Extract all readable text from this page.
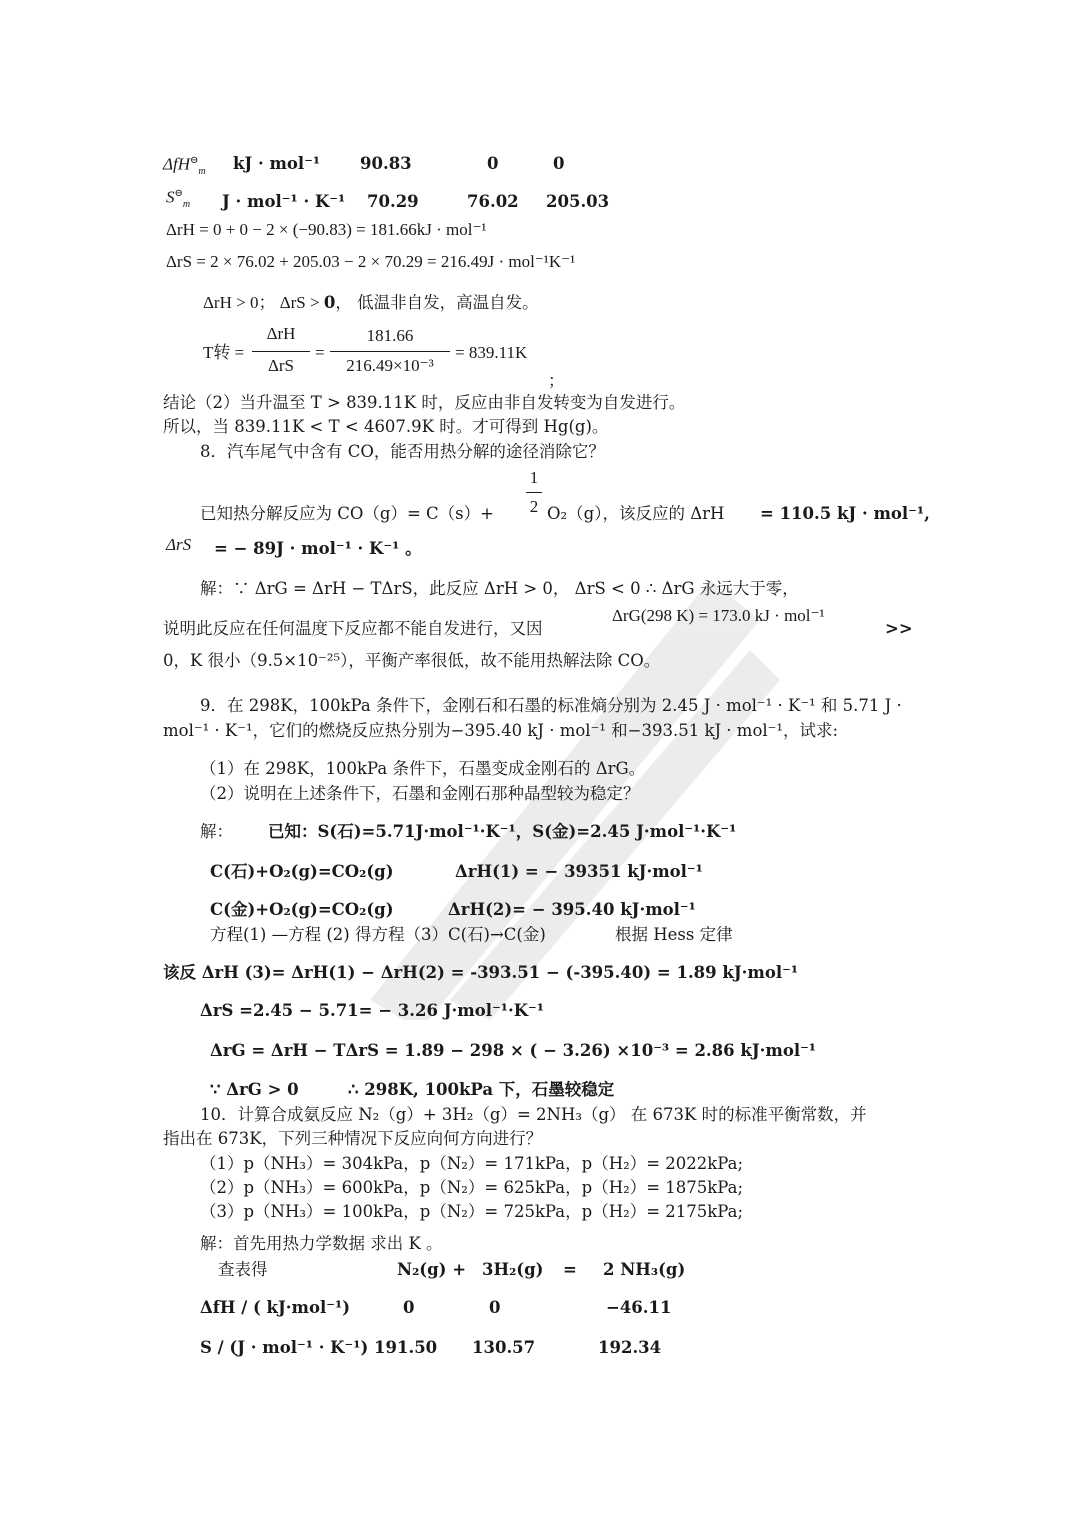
ΔfH⊖$_m$ kJ · mol⁻¹ 90.83	0	0
$S^⊖_m$ J · mol⁻¹ · K⁻¹ 70.29	76.02 205.03
ΔrH = 0 + 0 − 2 × (−90.83) = 181.66kJ · mol⁻¹
ΔrS = 2 × 76.02 + 205.03 − 2 × 70.29 = 216.49J · mol⁻¹K⁻¹
ΔrH > 0； ΔrS > 0， 低温非自发，高温自发。
T转 =
ΔrH
ΔrS
=
181.66
216.49×10⁻³
= 839.11K
；
结论（2）当升温至 T > 839.11K 时，反应由非自发转变为自发进行。
所以，当 839.11K < T < 4607.9K 时。才可得到 Hg(g)。
8．汽车尾气中含有 CO，能否用热分解的途径消除它？
1
2
已知热分解反应为 CO（g）= C（s）+	O₂（g），该反应的 ΔrH = 110.5 kJ · mol⁻¹,
ΔrS = − 89J · mol⁻¹ · K⁻¹ 。
解：∵ ΔrG = ΔrH − TΔrS，此反应 ΔrH > 0， ΔrS < 0 ∴ ΔrG 永远大于零，
说明此反应在任何温度下反应都不能自发进行，又因
ΔrG(298 K) = 173.0 kJ · mol⁻¹
>>
0，K 很小（9.5×10⁻²⁵），平衡产率很低，故不能用热解法除 CO。
9．在 298K，100kPa 条件下，金刚石和石墨的标准熵分别为 2.45 J · mol⁻¹ · K⁻¹ 和 5.71 J ·
mol⁻¹ · K⁻¹，它们的燃烧反应热分别为−395.40 kJ · mol⁻¹ 和−393.51 kJ · mol⁻¹，试求:
（1）在 298K，100kPa 条件下，石墨变成金刚石的 ΔrG。
（2）说明在上述条件下，石墨和金刚石那种晶型较为稳定？
解： 已知：S(石)=5.71J·mol⁻¹·K⁻¹，S(金)=2.45 J·mol⁻¹·K⁻¹
C(石)+O₂(g)=CO₂(g)	ΔrH(1) = − 39351 kJ·mol⁻¹
C(金)+O₂(g)=CO₂(g)	ΔrH(2)= − 395.40 kJ·mol⁻¹
方程(1) —方程 (2) 得方程（3）C(石)→C(金)	根据 Hess 定律
该反 ΔrH (3)= ΔrH(1) − ΔrH(2) = -393.51 − (-395.40) = 1.89 kJ·mol⁻¹
ΔrS =2.45 − 5.71= − 3.26 J·mol⁻¹·K⁻¹
ΔrG = ΔrH − TΔrS = 1.89 − 298 × ( − 3.26) ×10⁻³ = 2.86 kJ·mol⁻¹
∵ ΔrG > 0	∴ 298K, 100kPa 下，石墨较稳定
10．计算合成氨反应 N₂（g）+ 3H₂（g）= 2NH₃（g） 在 673K 时的标准平衡常数，并
指出在 673K，下列三种情况下反应向何方向进行？
（1）p（NH₃）= 304kPa，p（N₂）= 171kPa，p（H₂）= 2022kPa;
（2）p（NH₃）= 600kPa，p（N₂）= 625kPa，p（H₂）= 1875kPa;
（3）p（NH₃）= 100kPa，p（N₂）= 725kPa，p（H₂）= 2175kPa;
解：首先用热力学数据 求出 K 。
查表得	N₂(g) + 3H₂(g) = 2 NH₃(g)
ΔfH / ( kJ·mol⁻¹)	0	0	−46.11
S / (J · mol⁻¹ · K⁻¹) 191.50 130.57	192.34
